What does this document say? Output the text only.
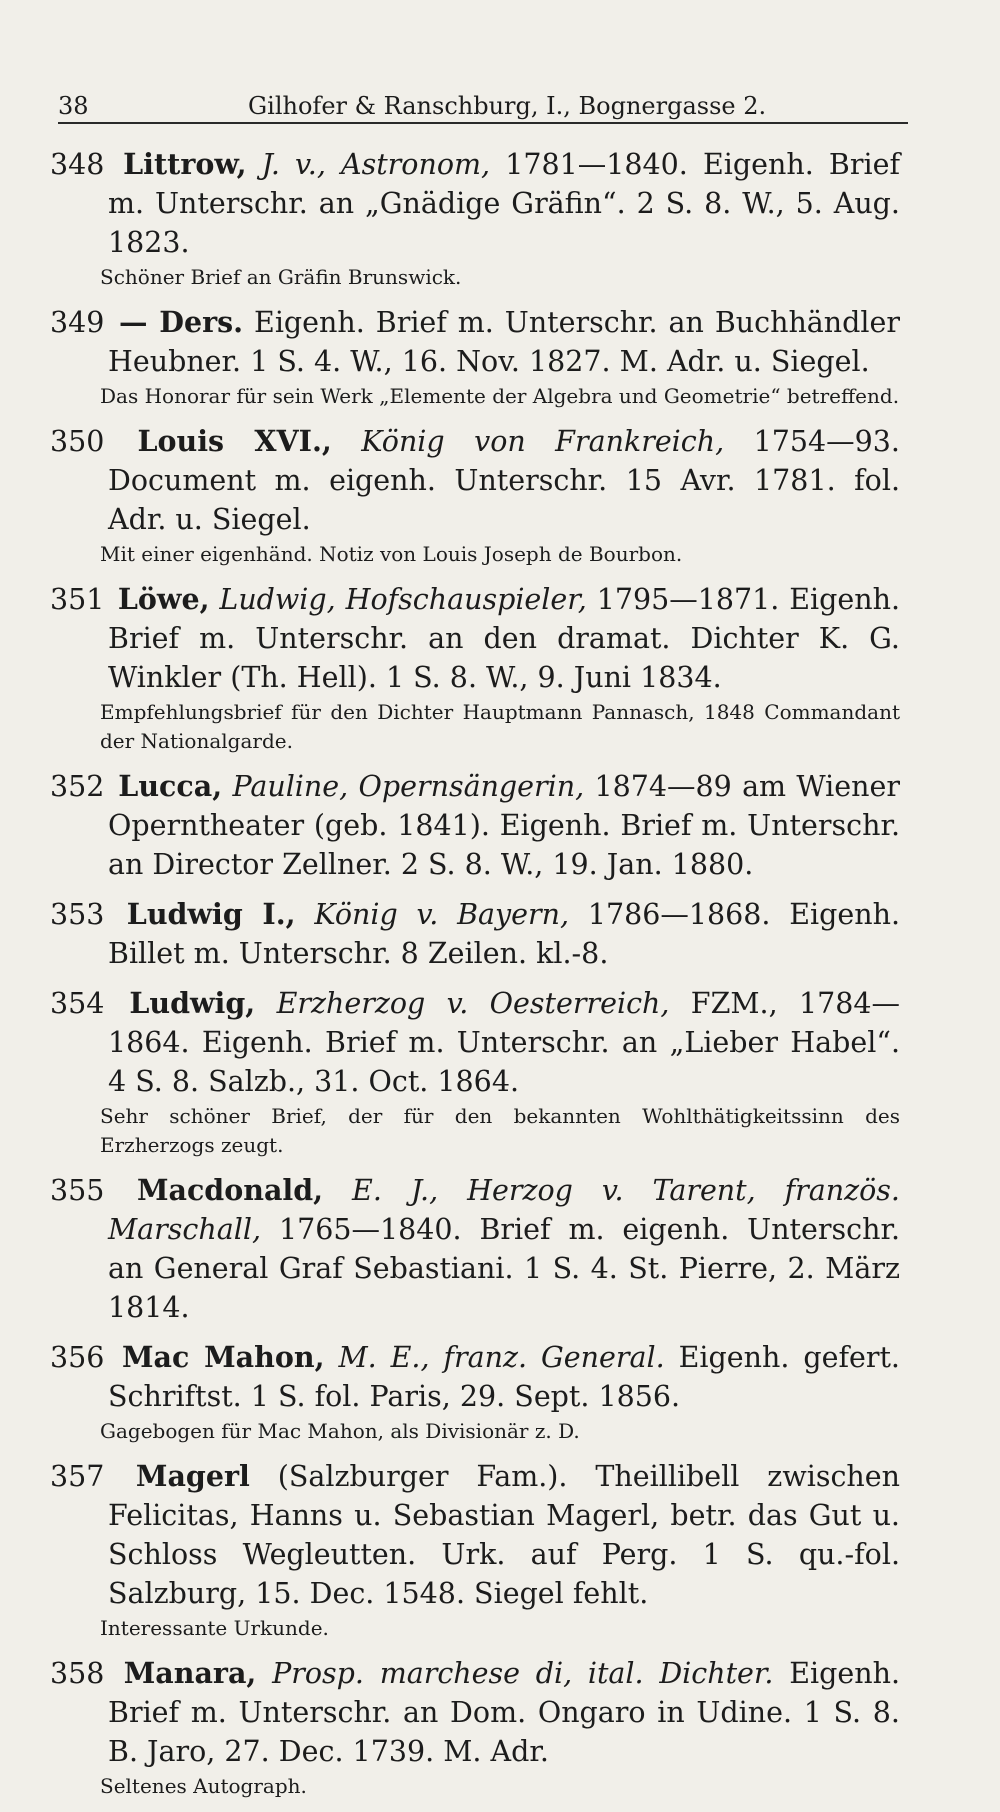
38	Gilhofer & Ranschburg, I., Bognergasse 2.
348 Littrow, J. v., Astronom, 1781—1840. Eigenh. Brief m. Unterschr. an „Gnädige Gräfin“. 2 S. 8. W., 5. Aug. 1823.
Schöner Brief an Gräfin Brunswick.
349 — Ders. Eigenh. Brief m. Unterschr. an Buchhändler Heubner. 1 S. 4. W., 16. Nov. 1827. M. Adr. u. Siegel.
Das Honorar für sein Werk „Elemente der Algebra und Geometrie“ betreffend.
350 Louis XVI., König von Frankreich, 1754—93. Document m. eigenh. Unterschr. 15 Avr. 1781. fol. Adr. u. Siegel.
Mit einer eigenhänd. Notiz von Louis Joseph de Bourbon.
351 Löwe, Ludwig, Hofschauspieler, 1795—1871. Eigenh. Brief m. Unterschr. an den dramat. Dichter K. G. Winkler (Th. Hell). 1 S. 8. W., 9. Juni 1834.
Empfehlungsbrief für den Dichter Hauptmann Pannasch, 1848 Commandant der Nationalgarde.
352 Lucca, Pauline, Opernsängerin, 1874—89 am Wiener Operntheater (geb. 1841). Eigenh. Brief m. Unterschr. an Director Zellner. 2 S. 8. W., 19. Jan. 1880.
353 Ludwig I., König v. Bayern, 1786—1868. Eigenh. Billet m. Unterschr. 8 Zeilen. kl.-8.
354 Ludwig, Erzherzog v. Oesterreich, FZM., 1784—1864. Eigenh. Brief m. Unterschr. an „Lieber Habel“. 4 S. 8. Salzb., 31. Oct. 1864.
Sehr schöner Brief, der für den bekannten Wohlthätigkeitssinn des Erzherzogs zeugt.
355 Macdonald, E. J., Herzog v. Tarent, französ. Marschall, 1765—1840. Brief m. eigenh. Unterschr. an General Graf Sebastiani. 1 S. 4. St. Pierre, 2. März 1814.
356 Mac Mahon, M. E., franz. General. Eigenh. gefert. Schriftst. 1 S. fol. Paris, 29. Sept. 1856.
Gagebogen für Mac Mahon, als Divisionär z. D.
357 Magerl (Salzburger Fam.). Theillibell zwischen Felicitas, Hanns u. Sebastian Magerl, betr. das Gut u. Schloss Wegleutten. Urk. auf Perg. 1 S. qu.-fol. Salzburg, 15. Dec. 1548. Siegel fehlt.
Interessante Urkunde.
358 Manara, Prosp. marchese di, ital. Dichter. Eigenh. Brief m. Unterschr. an Dom. Ongaro in Udine. 1 S. 8. B. Jaro, 27. Dec. 1739. M. Adr.
Seltenes Autograph.
